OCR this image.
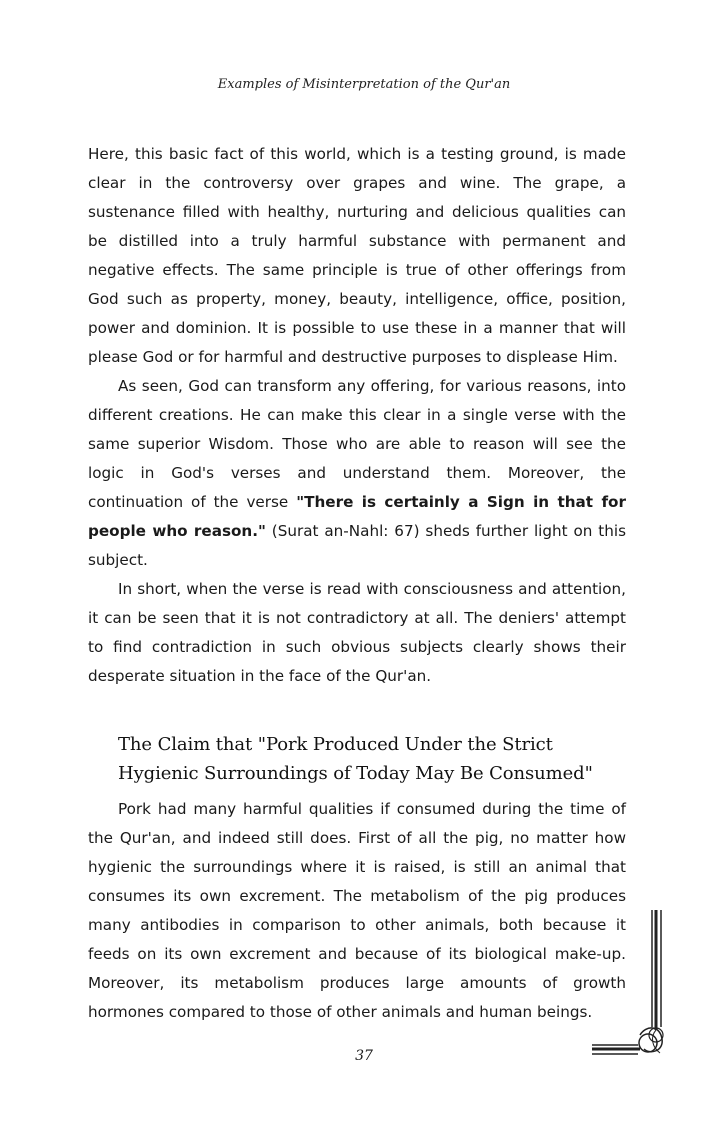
Examples of Misinterpretation of the Qur'an

Here, this basic fact of this world, which is a testing ground, is made clear in the controversy over grapes and wine. The grape, a sustenance filled with healthy, nurturing and delicious qualities can be distilled into a truly harmful substance with permanent and negative effects. The same principle is true of other offerings from God such as property, money, beauty, intelligence, office, position, power and dominion. It is possible to use these in a manner that will please God or for harmful and destructive purposes to displease Him.

As seen, God can transform any offering, for various reasons, into different creations. He can make this clear in a single verse with the same superior Wisdom. Those who are able to reason will see the logic in God's verses and understand them. Moreover, the continuation of the verse "There is certainly a Sign in that for people who reason." (Surat an-Nahl: 67) sheds further light on this subject.

In short, when the verse is read with consciousness and attention, it can be seen that it is not contradictory at all. The deniers' attempt to find contradiction in such obvious subjects clearly shows their desperate situation in the face of the Qur'an.

The Claim that "Pork Produced Under the Strict
Hygienic Surroundings of Today May Be Consumed"

Pork had many harmful qualities if consumed during the time of the Qur'an, and indeed still does. First of all the pig, no matter how hygienic the surroundings where it is raised, is still an animal that consumes its own excrement. The metabolism of the pig produces many antibodies in comparison to other animals, both because it feeds on its own excrement and because of its biological make-up. Moreover, its metabolism produces large amounts of growth hormones compared to those of other animals and human beings.

37
